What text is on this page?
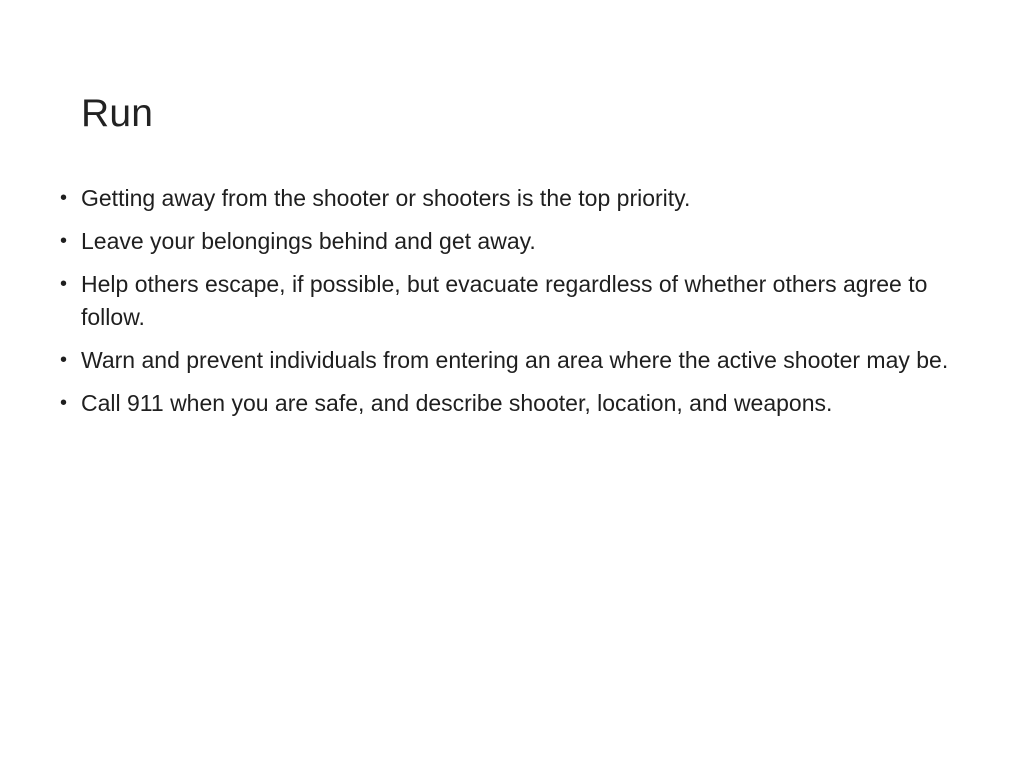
Run
• Getting away from the shooter or shooters is the top priority.
• Leave your belongings behind and get away.
• Help others escape, if possible, but evacuate regardless of whether others agree to follow.
• Warn and prevent individuals from entering an area where the active shooter may be.
• Call 911 when you are safe, and describe shooter, location, and weapons.
